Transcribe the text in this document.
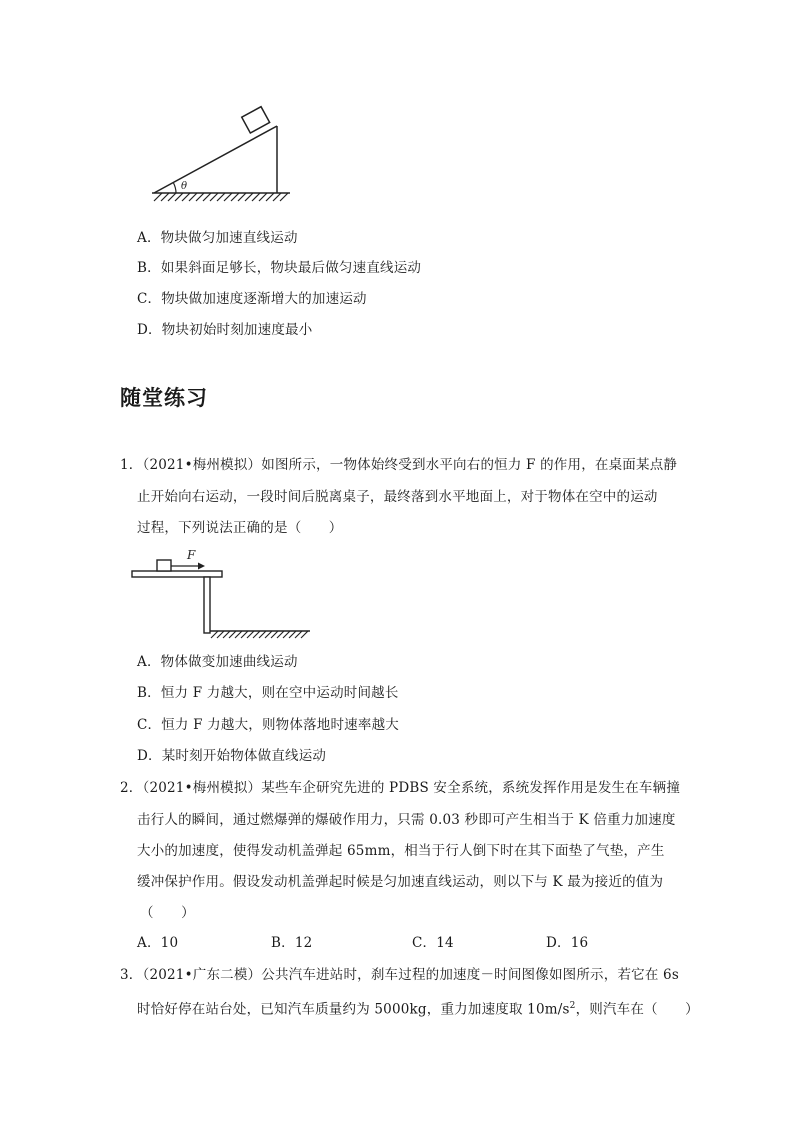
θ
A．物块做匀加速直线运动
B．如果斜面足够长，物块最后做匀速直线运动
C．物块做加速度逐渐增大的加速运动
D．物块初始时刻加速度最小
随堂练习
1．（2021•梅州模拟）如图所示，一物体始终受到水平向右的恒力 F 的作用，在桌面某点静
止开始向右运动，一段时间后脱离桌子，最终落到水平地面上，对于物体在空中的运动
过程，下列说法正确的是（　　）
F
A．物体做变加速曲线运动
B．恒力 F 力越大，则在空中运动时间越长
C．恒力 F 力越大，则物体落地时速率越大
D．某时刻开始物体做直线运动
2．（2021•梅州模拟）某些车企研究先进的 PDBS 安全系统，系统发挥作用是发生在车辆撞
击行人的瞬间，通过燃爆弹的爆破作用力，只需 0.03 秒即可产生相当于 K 倍重力加速度
大小的加速度，使得发动机盖弹起 65mm，相当于行人倒下时在其下面垫了气垫，产生
缓冲保护作用。假设发动机盖弹起时候是匀加速直线运动，则以下与 K 最为接近的值为
（　　）
A．10	B．12	C．14	D．16
3．（2021•广东二模）公共汽车进站时，刹车过程的加速度－时间图像如图所示，若它在 6s
时恰好停在站台处，已知汽车质量约为 5000kg，重力加速度取 $10m/s^2$，则汽车在（　　）
